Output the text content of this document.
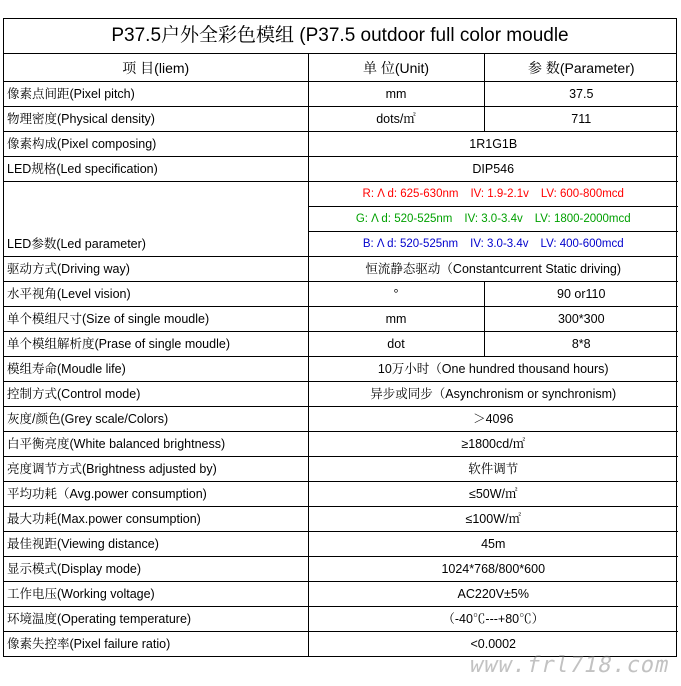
P37.5户外全彩色模组 (P37.5 outdoor full color moudle
项 目(liem)	单 位(Unit)	参 数(Parameter)
像素点间距(Pixel pitch)	mm	37.5
物理密度(Physical density)	dots/㎡	711
像素构成(Pixel composing)	1R1G1B	
LED规格(Led specification)	DIP546	
LED参数(Led parameter)	R: Λ d: 625-630nm IV: 1.9-2.1v LV: 600-800mcd	
	G: Λ d: 520-525nm IV: 3.0-3.4v LV: 1800-2000mcd	
	B: Λ d: 520-525nm IV: 3.0-3.4v LV: 400-600mcd	
驱动方式(Driving way)	恒流静态驱动（Constantcurrent Static driving)	
水平视角(Level vision)	°	90 or110
单个模组尺寸(Size of single moudle)	mm	300*300
单个模组解析度(Prase of single moudle)	dot	8*8
模组寿命(Moudle life)	10万小时（One hundred thousand hours)	
控制方式(Control mode)	异步或同步（Asynchronism or synchronism)	
灰度/颜色(Grey scale/Colors)	＞4096	
白平衡亮度(White balanced brightness)	≥1800cd/㎡	
亮度调节方式(Brightness adjusted by)	软件调节	
平均功耗（Avg.power consumption)	≤50W/㎡	
最大功耗(Max.power consumption)	≤100W/㎡	
最佳视距(Viewing distance)	45m	
显示模式(Display mode)	1024*768/800*600	
工作电压(Working voltage)	AC220V±5%	
环境温度(Operating temperature)	（-40℃---+80℃）	
像素失控率(Pixel failure ratio)	<0.0002	
www.frl718.com
